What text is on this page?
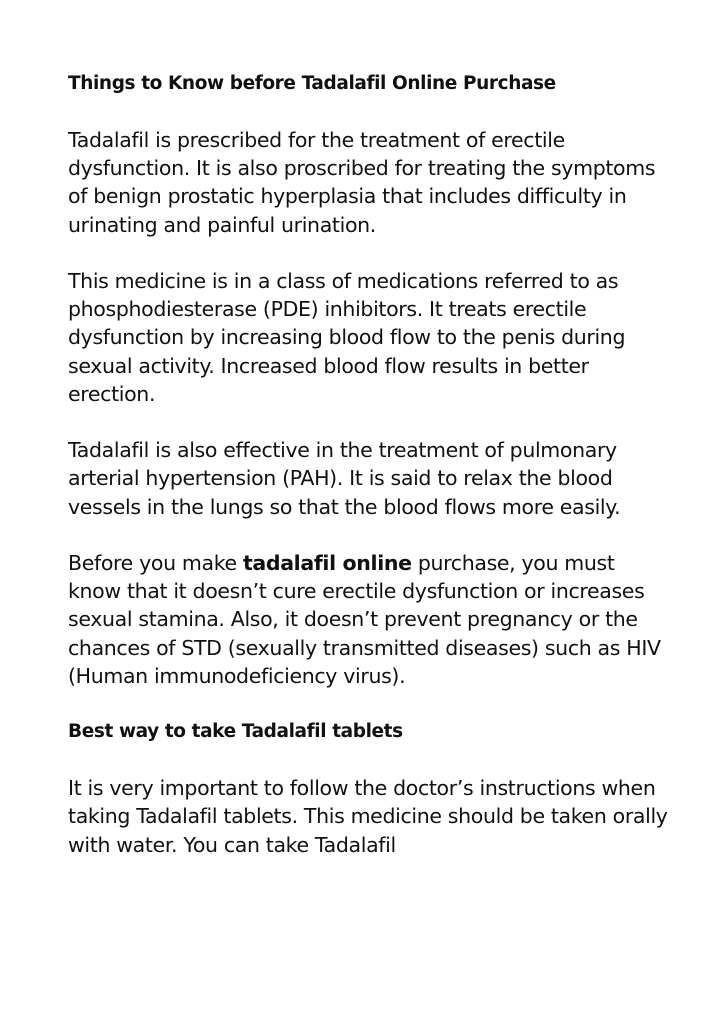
Things to Know before Tadalafil Online Purchase
Tadalafil is prescribed for the treatment of erectile dysfunction. It is also proscribed for treating the symptoms of benign prostatic hyperplasia that includes difficulty in urinating and painful urination.
This medicine is in a class of medications referred to as phosphodiesterase (PDE) inhibitors. It treats erectile dysfunction by increasing blood flow to the penis during sexual activity. Increased blood flow results in better erection.
Tadalafil is also effective in the treatment of pulmonary arterial hypertension (PAH). It is said to relax the blood vessels in the lungs so that the blood flows more easily.
Before you make tadalafil online purchase, you must know that it doesn’t cure erectile dysfunction or increases sexual stamina. Also, it doesn’t prevent pregnancy or the chances of STD (sexually transmitted diseases) such as HIV (Human immunodeficiency virus).
Best way to take Tadalafil tablets
It is very important to follow the doctor’s instructions when taking Tadalafil tablets. This medicine should be taken orally with water. You can take Tadalafil
